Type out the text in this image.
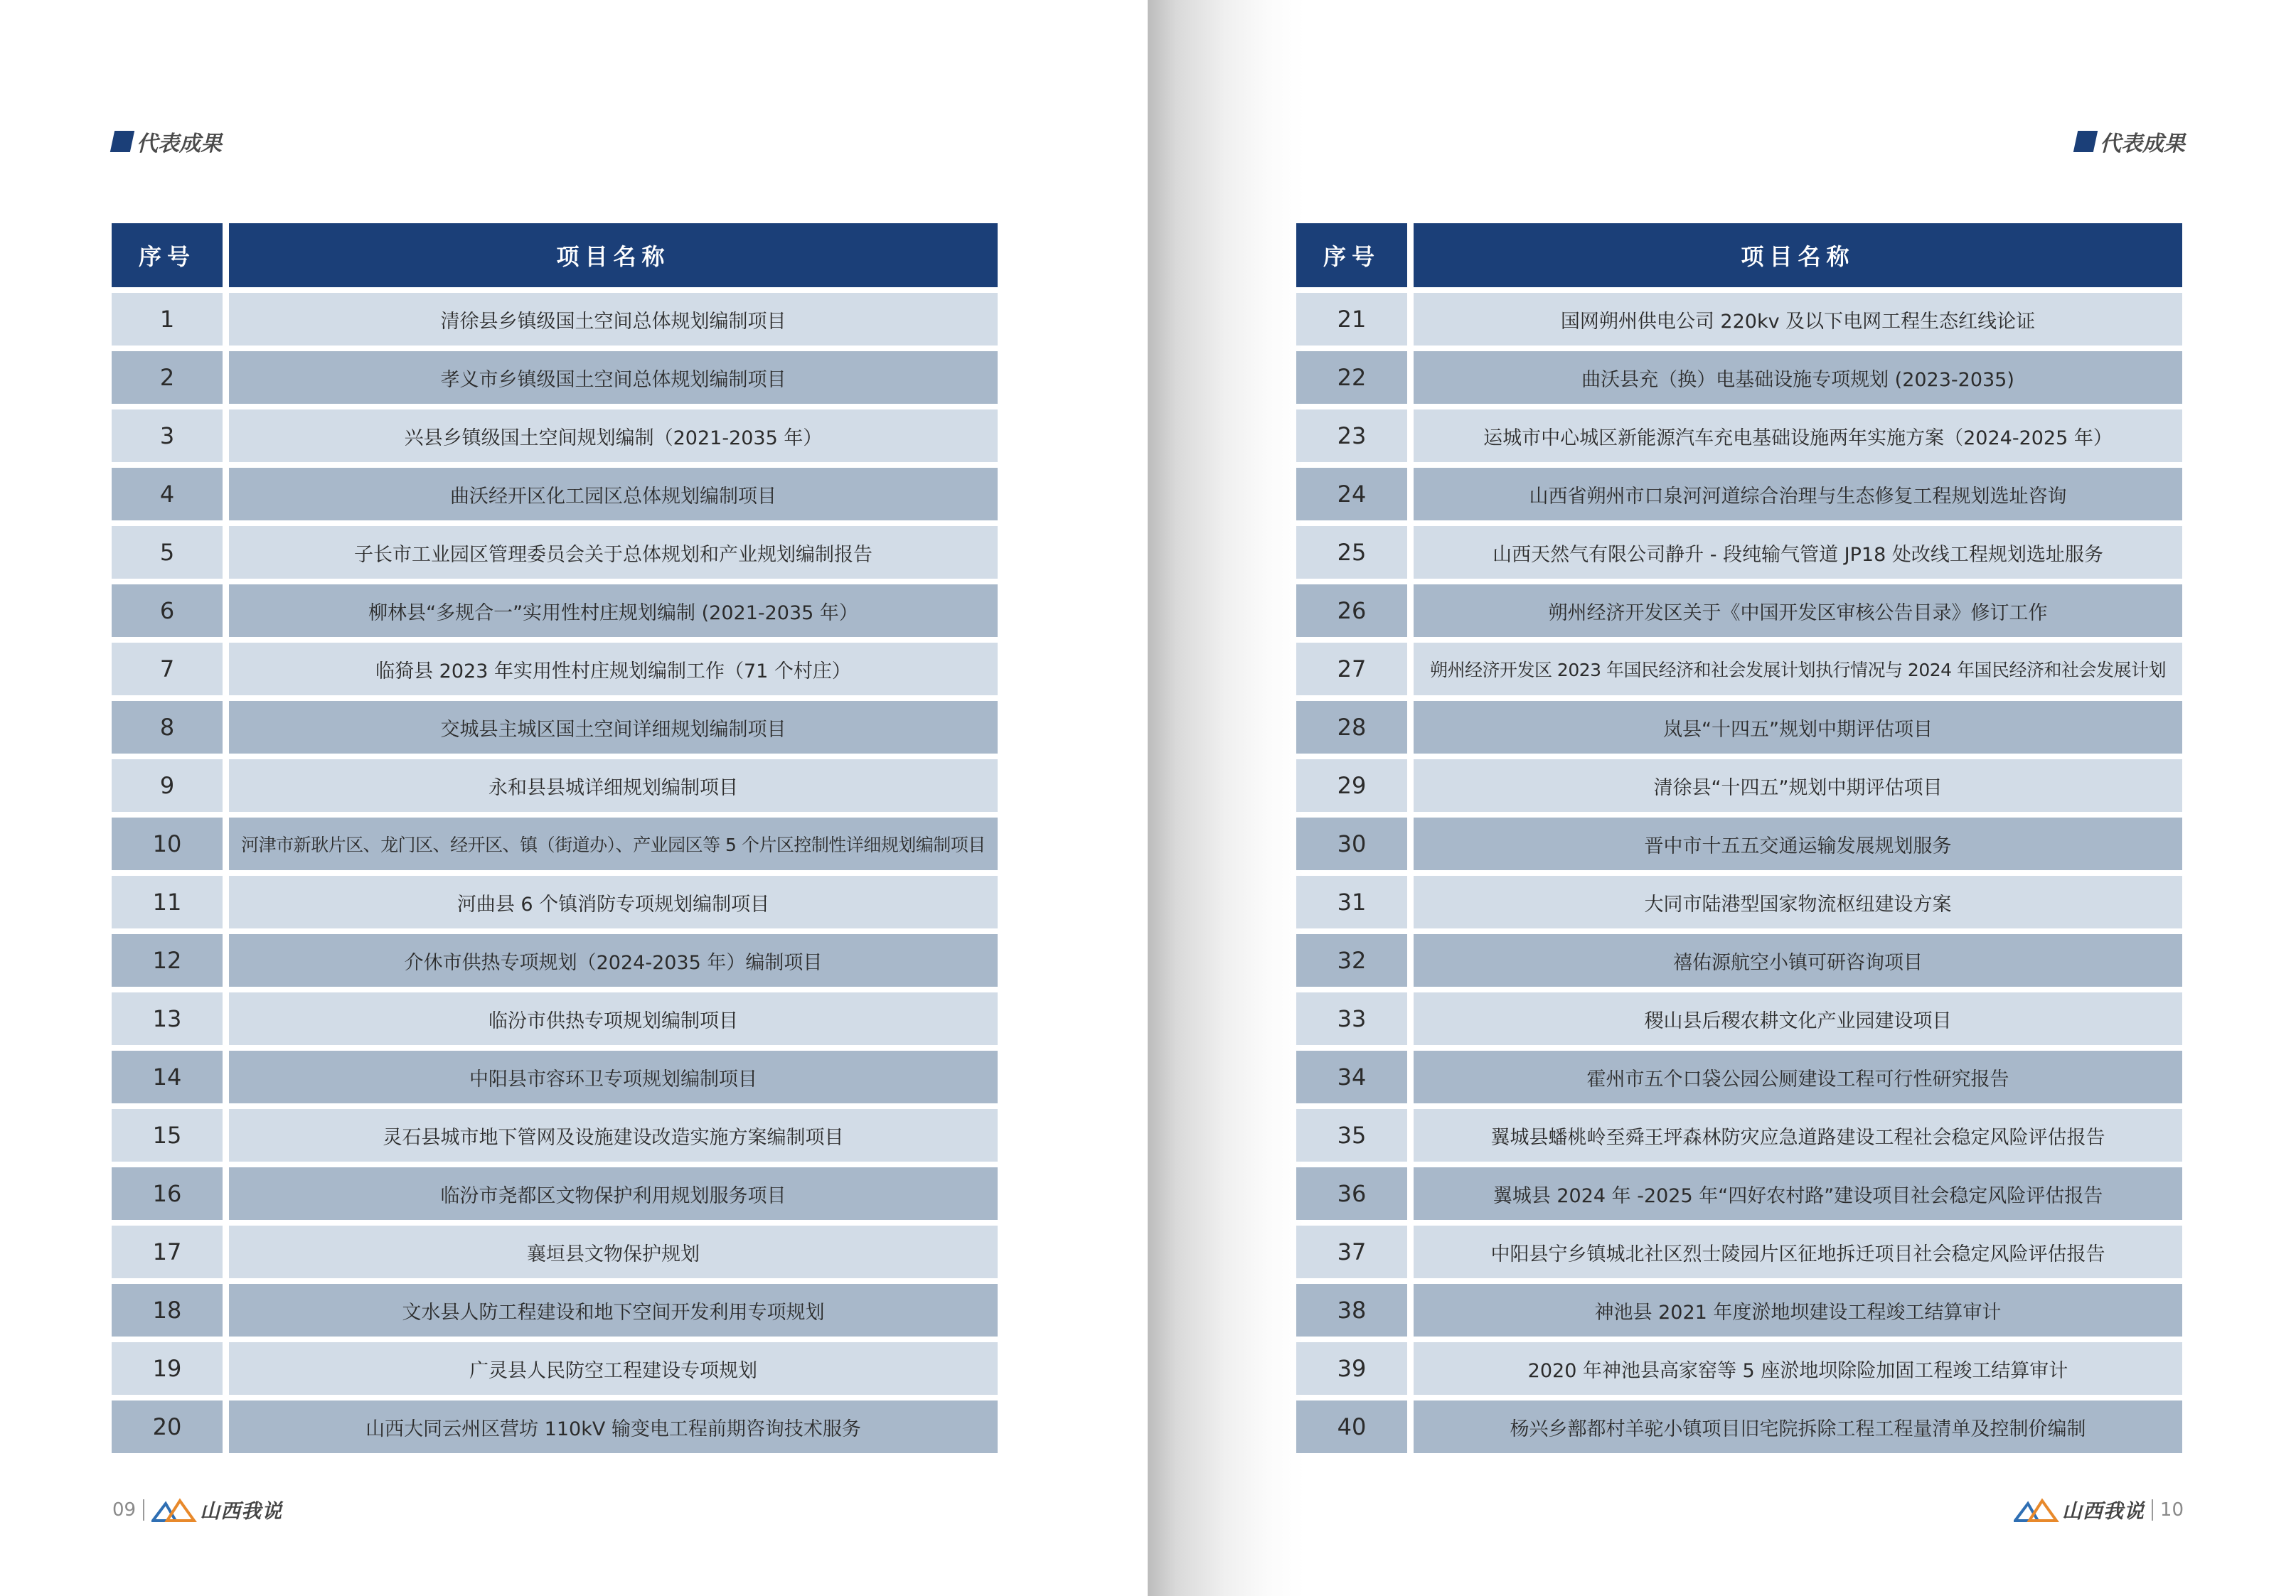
代表成果
序号	项目名称
1	清徐县乡镇级国土空间总体规划编制项目
2	孝义市乡镇级国土空间总体规划编制项目
3	兴县乡镇级国土空间规划编制（2021-2035 年）
4	曲沃经开区化工园区总体规划编制项目
5	子长市工业园区管理委员会关于总体规划和产业规划编制报告
6	柳林县“多规合一”实用性村庄规划编制 (2021-2035 年）
7	临猗县 2023 年实用性村庄规划编制工作（71 个村庄）
8	交城县主城区国土空间详细规划编制项目
9	永和县县城详细规划编制项目
10	河津市新耿片区、龙门区、经开区、镇（街道办）、产业园区等 5 个片区控制性详细规划编制项目
11	河曲县 6 个镇消防专项规划编制项目
12	介休市供热专项规划（2024-2035 年）编制项目
13	临汾市供热专项规划编制项目
14	中阳县市容环卫专项规划编制项目
15	灵石县城市地下管网及设施建设改造实施方案编制项目
16	临汾市尧都区文物保护利用规划服务项目
17	襄垣县文物保护规划
18	文水县人防工程建设和地下空间开发利用专项规划
19	广灵县人民防空工程建设专项规划
20	山西大同云州区营坊 110kV 输变电工程前期咨询技术服务
09	山西我说
代表成果
序号	项目名称
21	国网朔州供电公司 220kv 及以下电网工程生态红线论证
22	曲沃县充（换）电基础设施专项规划 (2023-2035)
23	运城市中心城区新能源汽车充电基础设施两年实施方案（2024-2025 年）
24	山西省朔州市口泉河河道综合治理与生态修复工程规划选址咨询
25	山西天然气有限公司静升 - 段纯输气管道 JP18 处改线工程规划选址服务
26	朔州经济开发区关于《中国开发区审核公告目录》修订工作
27	朔州经济开发区 2023 年国民经济和社会发展计划执行情况与 2024 年国民经济和社会发展计划
28	岚县“十四五”规划中期评估项目
29	清徐县“十四五”规划中期评估项目
30	晋中市十五五交通运输发展规划服务
31	大同市陆港型国家物流枢纽建设方案
32	禧佑源航空小镇可研咨询项目
33	稷山县后稷农耕文化产业园建设项目
34	霍州市五个口袋公园公厕建设工程可行性研究报告
35	翼城县蟠桃岭至舜王坪森林防灾应急道路建设工程社会稳定风险评估报告
36	翼城县 2024 年 -2025 年“四好农村路”建设项目社会稳定风险评估报告
37	中阳县宁乡镇城北社区烈士陵园片区征地拆迁项目社会稳定风险评估报告
38	神池县 2021 年度淤地坝建设工程竣工结算审计
39	2020 年神池县高家窑等 5 座淤地坝除险加固工程竣工结算审计
40	杨兴乡鄯都村羊驼小镇项目旧宅院拆除工程工程量清单及控制价编制
山西我说 10
